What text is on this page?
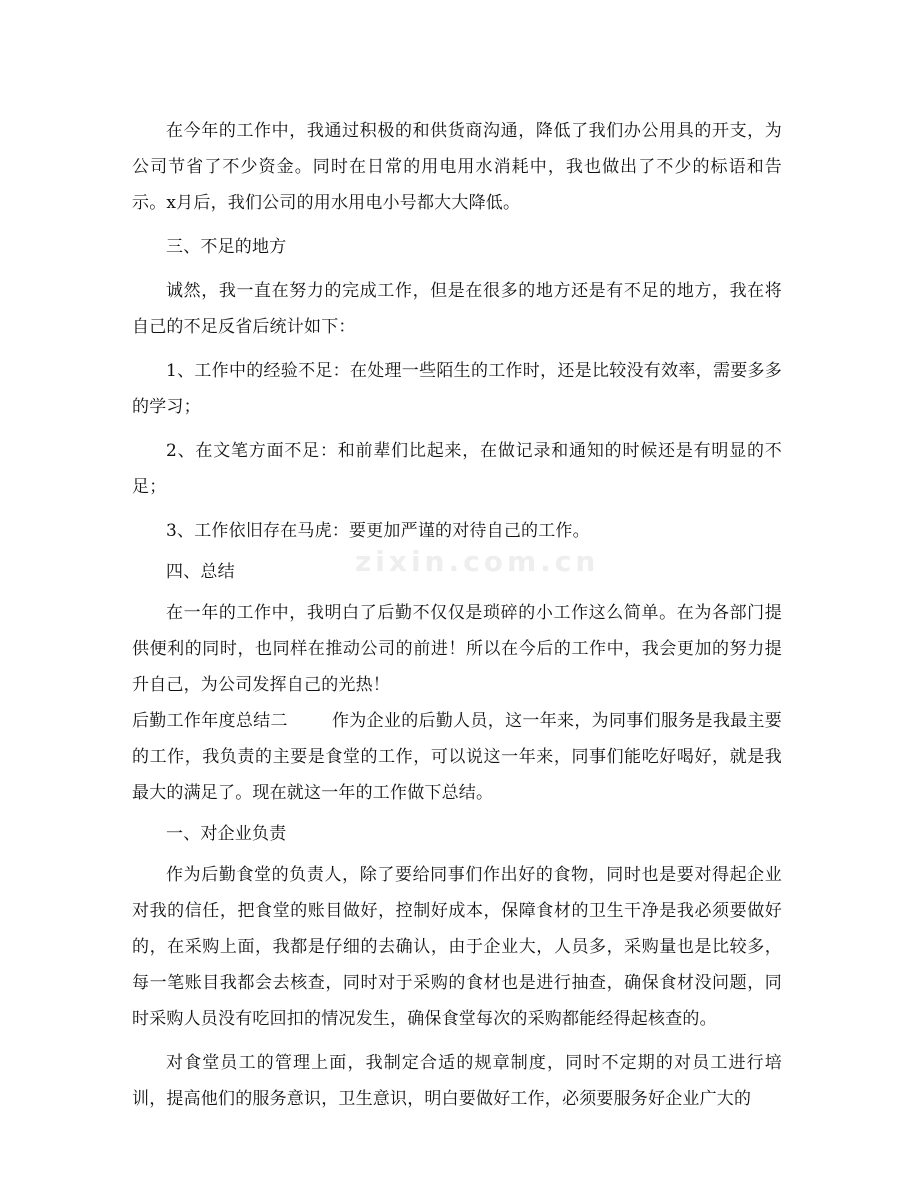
在今年的工作中，我通过积极的和供货商沟通，降低了我们办公用具的开支，为公司节省了不少资金。同时在日常的用电用水消耗中，我也做出了不少的标语和告示。x月后，我们公司的用水用电小号都大大降低。

三、不足的地方

诚然，我一直在努力的完成工作，但是在很多的地方还是有不足的地方，我在将自己的不足反省后统计如下：

1、工作中的经验不足：在处理一些陌生的工作时，还是比较没有效率，需要多多的学习；

2、在文笔方面不足：和前辈们比起来，在做记录和通知的时候还是有明显的不足；

3、工作依旧存在马虎：要更加严谨的对待自己的工作。

四、总结

在一年的工作中，我明白了后勤不仅仅是琐碎的小工作这么简单。在为各部门提供便利的同时，也同样在推动公司的前进！所以在今后的工作中，我会更加的努力提升自己，为公司发挥自己的光热！

后勤工作年度总结二	作为企业的后勤人员，这一年来，为同事们服务是我最主要的工作，我负责的主要是食堂的工作，可以说这一年来，同事们能吃好喝好，就是我最大的满足了。现在就这一年的工作做下总结。

一、对企业负责

作为后勤食堂的负责人，除了要给同事们作出好的食物，同时也是要对得起企业对我的信任，把食堂的账目做好，控制好成本，保障食材的卫生干净是我必须要做好的，在采购上面，我都是仔细的去确认，由于企业大，人员多，采购量也是比较多，每一笔账目我都会去核查，同时对于采购的食材也是进行抽查，确保食材没问题，同时采购人员没有吃回扣的情况发生，确保食堂每次的采购都能经得起核查的。

对食堂员工的管理上面，我制定合适的规章制度，同时不定期的对员工进行培训，提高他们的服务意识，卫生意识，明白要做好工作，必须要服务好企业广大的

zixin.com.cn
